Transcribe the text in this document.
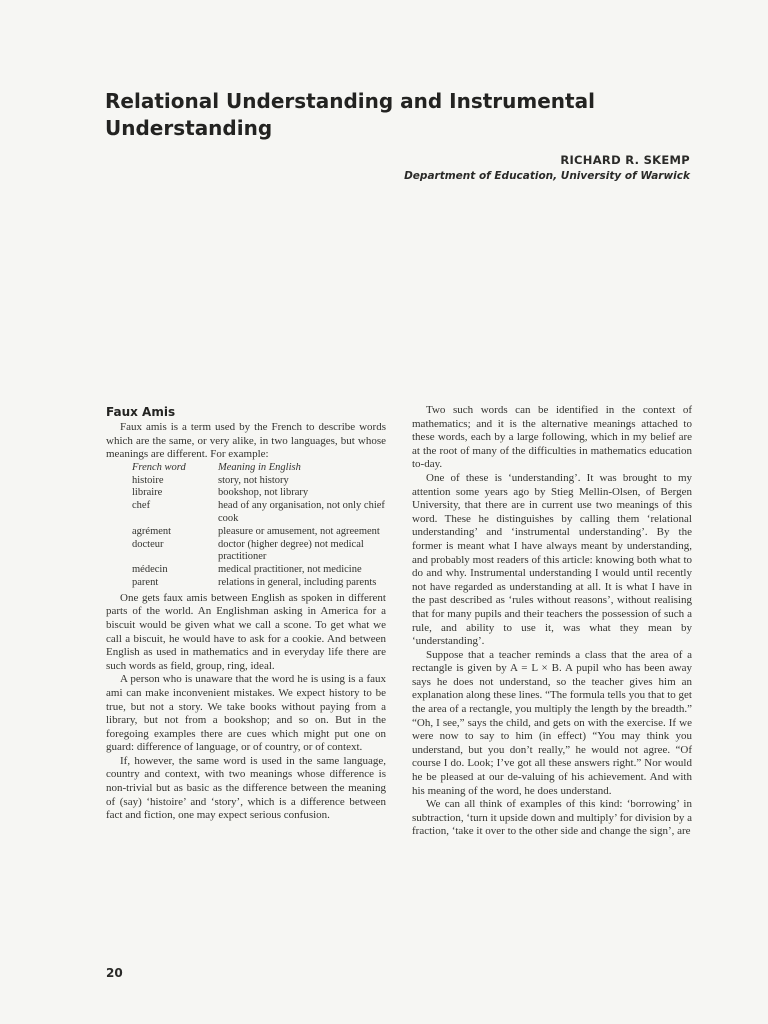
Relational Understanding and Instrumental Understanding
RICHARD R. SKEMP
Department of Education, University of Warwick
Faux Amis

Faux amis is a term used by the French to describe words which are the same, or very alike, in two languages, but whose meanings are different. For example:

French word	Meaning in English
histoire	story, not history
libraire	bookshop, not library
chef	head of any organisation, not only chief cook
agrément	pleasure or amusement, not agreement
docteur	doctor (higher degree) not medical practitioner
médecin	medical practitioner, not medicine
parent	relations in general, including parents

One gets faux amis between English as spoken in different parts of the world. An Englishman asking in America for a biscuit would be given what we call a scone. To get what we call a biscuit, he would have to ask for a cookie. And between English as used in mathematics and in everyday life there are such words as field, group, ring, ideal.

A person who is unaware that the word he is using is a faux ami can make inconvenient mistakes. We expect history to be true, but not a story. We take books without paying from a library, but not from a bookshop; and so on. But in the foregoing examples there are cues which might put one on guard: difference of language, or of country, or of context.

If, however, the same word is used in the same language, country and context, with two meanings whose difference is non-trivial but as basic as the difference between the meaning of (say) ‘histoire’ and ‘story’, which is a difference between fact and fiction, one may expect serious confusion.

Two such words can be identified in the context of mathematics; and it is the alternative meanings attached to these words, each by a large following, which in my belief are at the root of many of the difficulties in mathematics education to-day.

One of these is ‘understanding’. It was brought to my attention some years ago by Stieg Mellin-Olsen, of Bergen University, that there are in current use two meanings of this word. These he distinguishes by calling them ‘relational understanding’ and ‘instrumental understanding’. By the former is meant what I have always meant by understanding, and probably most readers of this article: knowing both what to do and why. Instrumental understanding I would until recently not have regarded as understanding at all. It is what I have in the past described as ‘rules without reasons’, without realising that for many pupils and their teachers the possession of such a rule, and ability to use it, was what they mean by ‘understanding’.

Suppose that a teacher reminds a class that the area of a rectangle is given by A = L × B. A pupil who has been away says he does not understand, so the teacher gives him an explanation along these lines. “The formula tells you that to get the area of a rectangle, you multiply the length by the breadth.” “Oh, I see,” says the child, and gets on with the exercise. If we were now to say to him (in effect) “You may think you understand, but you don’t really,” he would not agree. “Of course I do. Look; I’ve got all these answers right.” Nor would he be pleased at our de-valuing of his achievement. And with his meaning of the word, he does understand.

We can all think of examples of this kind: ‘borrowing’ in subtraction, ‘turn it upside down and multiply’ for division by a fraction, ‘take it over to the other side and change the sign’, are

20
